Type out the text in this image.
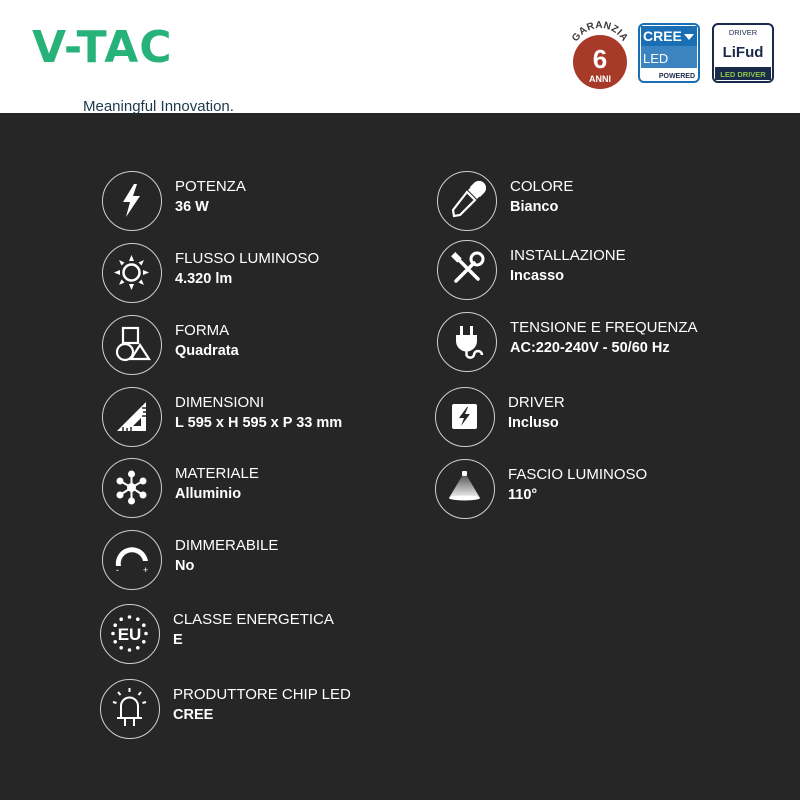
V-TAC
Meaningful Innovation.
GARANZIA
6
ANNI
CREE
LED
POWERED
DRIVER
LiFud
LED DRIVER
POTENZA
36 W
FLUSSO LUMINOSO
4.320 lm
FORMA
Quadrata
DIMENSIONI
L 595 x H 595 x P 33 mm
MATERIALE
Alluminio
-	+
DIMMERABILE
No
EU
CLASSE ENERGETICA
E
PRODUTTORE CHIP LED
CREE
COLORE
Bianco
INSTALLAZIONE
Incasso
TENSIONE E FREQUENZA
AC:220-240V - 50/60 Hz
DRIVER
Incluso
FASCIO LUMINOSO
110°
